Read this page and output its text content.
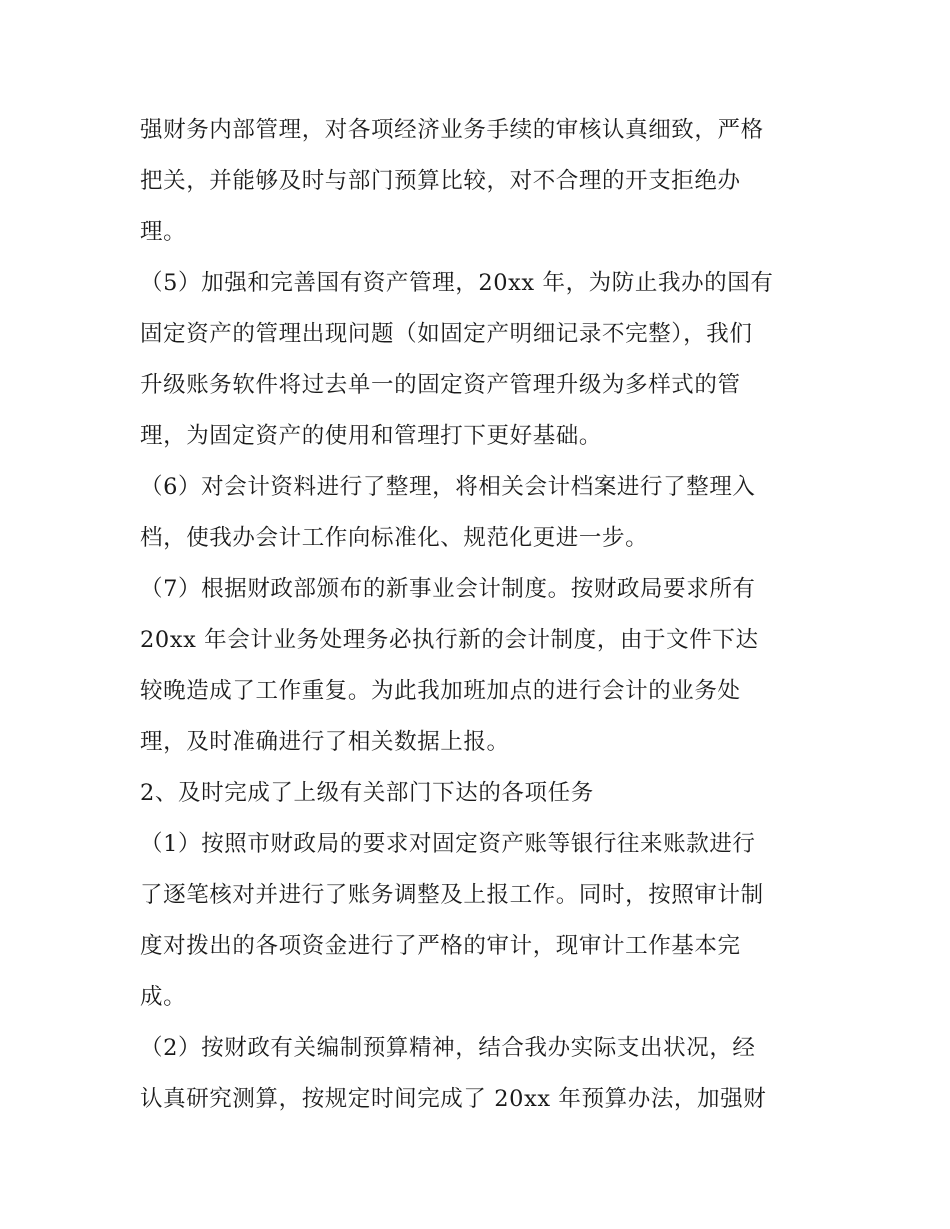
强财务内部管理，对各项经济业务手续的审核认真细致，严格
把关，并能够及时与部门预算比较，对不合理的开支拒绝办
理。
（5）加强和完善国有资产管理，20xx 年，为防止我办的国有
固定资产的管理出现问题（如固定产明细记录不完整），我们
升级账务软件将过去单一的固定资产管理升级为多样式的管
理，为固定资产的使用和管理打下更好基础。
（6）对会计资料进行了整理，将相关会计档案进行了整理入
档，使我办会计工作向标准化、规范化更进一步。
（7）根据财政部颁布的新事业会计制度。按财政局要求所有
20xx 年会计业务处理务必执行新的会计制度，由于文件下达
较晚造成了工作重复。为此我加班加点的进行会计的业务处
理，及时准确进行了相关数据上报。
2、及时完成了上级有关部门下达的各项任务
（1）按照市财政局的要求对固定资产账等银行往来账款进行
了逐笔核对并进行了账务调整及上报工作。同时，按照审计制
度对拨出的各项资金进行了严格的审计，现审计工作基本完
成。
（2）按财政有关编制预算精神，结合我办实际支出状况，经
认真研究测算，按规定时间完成了 20xx 年预算办法，加强财
